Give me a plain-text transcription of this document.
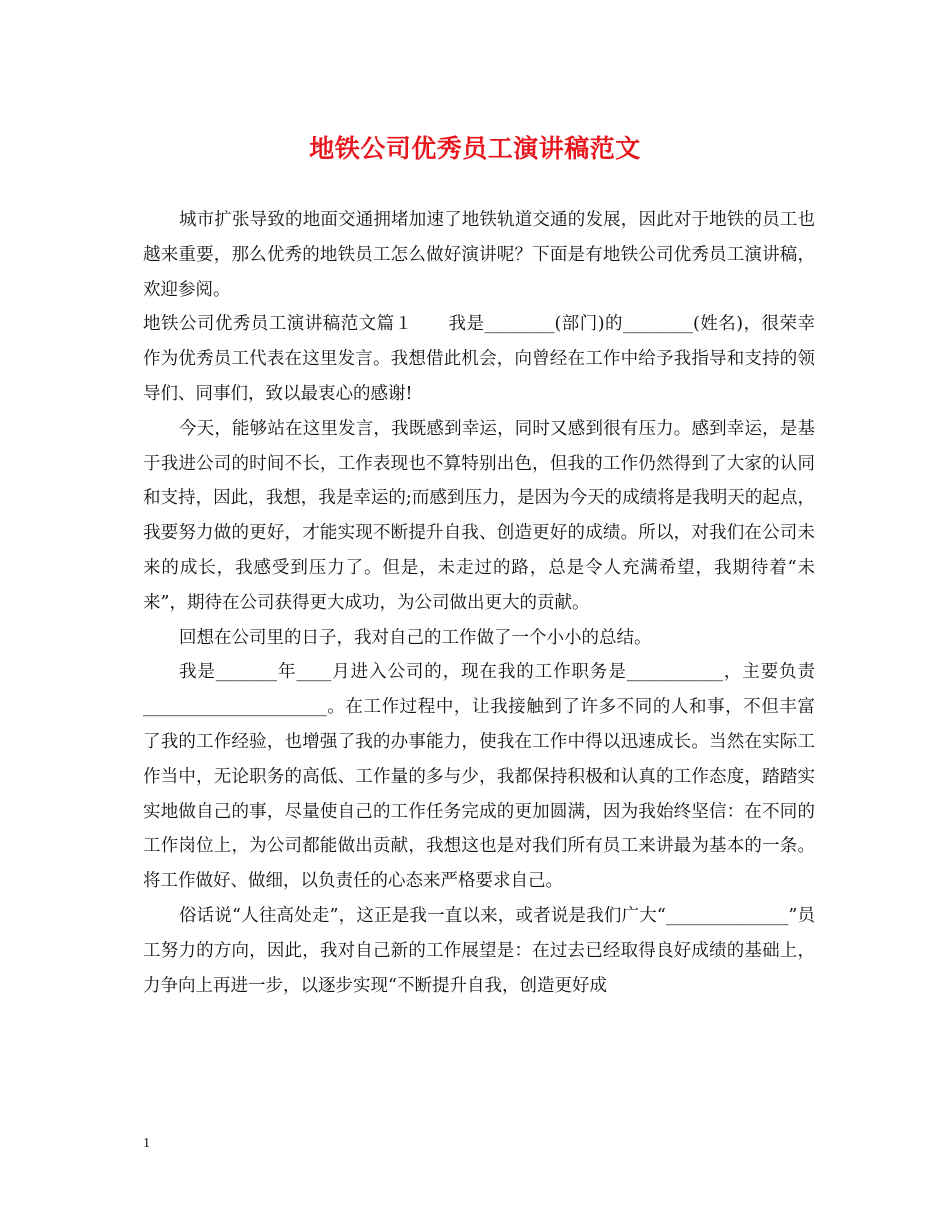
地铁公司优秀员工演讲稿范文

城市扩张导致的地面交通拥堵加速了地铁轨道交通的发展，因此对于地铁的员工也越来重要，那么优秀的地铁员工怎么做好演讲呢？下面是有地铁公司优秀员工演讲稿，欢迎参阅。

地铁公司优秀员工演讲稿范文篇１　　我是________(部门)的________(姓名)，很荣幸作为优秀员工代表在这里发言。我想借此机会，向曾经在工作中给予我指导和支持的领导们、同事们，致以最衷心的感谢!

今天，能够站在这里发言，我既感到幸运，同时又感到很有压力。感到幸运，是基于我进公司的时间不长，工作表现也不算特别出色，但我的工作仍然得到了大家的认同和支持，因此，我想，我是幸运的;而感到压力，是因为今天的成绩将是我明天的起点，我要努力做的更好，才能实现不断提升自我、创造更好的成绩。所以，对我们在公司未来的成长，我感受到压力了。但是，未走过的路，总是令人充满希望，我期待着“未来”，期待在公司获得更大成功，为公司做出更大的贡献。

回想在公司里的日子，我对自己的工作做了一个小小的总结。

我是_______年____月进入公司的，现在我的工作职务是___________，主要负责_____________________。在工作过程中，让我接触到了许多不同的人和事，不但丰富了我的工作经验，也增强了我的办事能力，使我在工作中得以迅速成长。当然在实际工作当中，无论职务的高低、工作量的多与少，我都保持积极和认真的工作态度，踏踏实实地做自己的事，尽量使自己的工作任务完成的更加圆满，因为我始终坚信：在不同的工作岗位上，为公司都能做出贡献，我想这也是对我们所有员工来讲最为基本的一条。将工作做好、做细，以负责任的心态来严格要求自己。

俗话说“人往高处走”，这正是我一直以来，或者说是我们广大“______________”员工努力的方向，因此，我对自己新的工作展望是：在过去已经取得良好成绩的基础上，力争向上再进一步，以逐步实现“不断提升自我，创造更好成

1
